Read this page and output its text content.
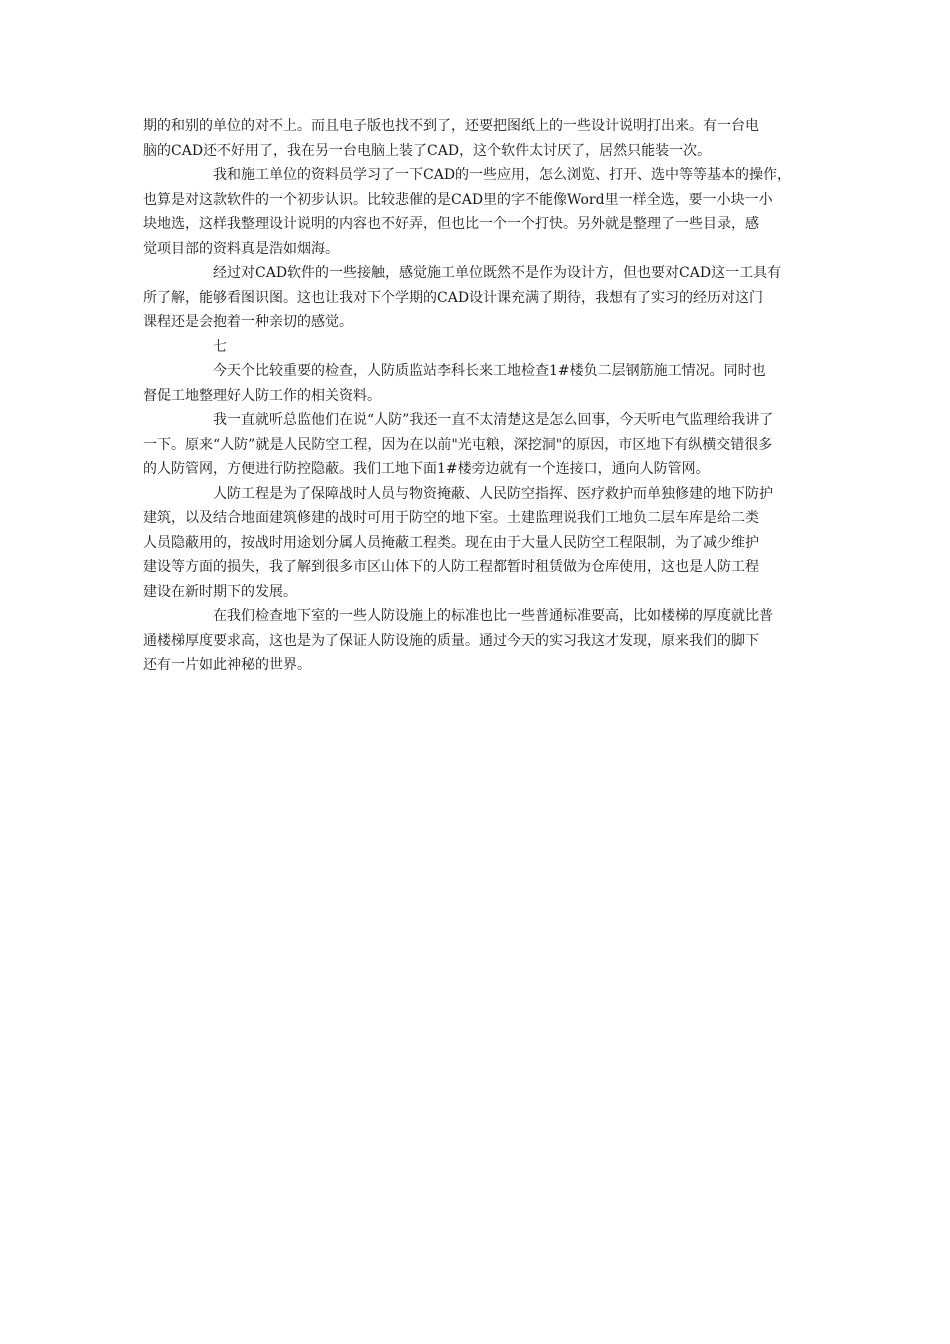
期的和别的单位的对不上。而且电子版也找不到了，还要把图纸上的一些设计说明打出来。有一台电
脑的CAD还不好用了，我在另一台电脑上装了CAD，这个软件太讨厌了，居然只能装一次。
我和施工单位的资料员学习了一下CAD的一些应用，怎么浏览、打开、选中等等基本的操作，
也算是对这款软件的一个初步认识。比较悲催的是CAD里的字不能像Word里一样全选，要一小块一小
块地选，这样我整理设计说明的内容也不好弄，但也比一个一个打快。另外就是整理了一些目录，感
觉项目部的资料真是浩如烟海。
经过对CAD软件的一些接触，感觉施工单位既然不是作为设计方，但也要对CAD这一工具有
所了解，能够看图识图。这也让我对下个学期的CAD设计课充满了期待，我想有了实习的经历对这门
课程还是会抱着一种亲切的感觉。
七
今天个比较重要的检查，人防质监站李科长来工地检查1#楼负二层钢筋施工情况。同时也
督促工地整理好人防工作的相关资料。
我一直就听总监他们在说“人防”我还一直不太清楚这是怎么回事，今天听电气监理给我讲了
一下。原来“人防”就是人民防空工程，因为在以前"光屯粮，深挖洞"的原因，市区地下有纵横交错很多
的人防管网，方便进行防控隐蔽。我们工地下面1#楼旁边就有一个连接口，通向人防管网。
人防工程是为了保障战时人员与物资掩蔽、人民防空指挥、医疗救护而单独修建的地下防护
建筑，以及结合地面建筑修建的战时可用于防空的地下室。土建监理说我们工地负二层车库是给二类
人员隐蔽用的，按战时用途划分属人员掩蔽工程类。现在由于大量人民防空工程限制，为了减少维护
建设等方面的损失，我了解到很多市区山体下的人防工程都暂时租赁做为仓库使用，这也是人防工程
建设在新时期下的发展。
在我们检查地下室的一些人防设施上的标准也比一些普通标准要高，比如楼梯的厚度就比普
通楼梯厚度要求高，这也是为了保证人防设施的质量。通过今天的实习我这才发现，原来我们的脚下
还有一片如此神秘的世界。
